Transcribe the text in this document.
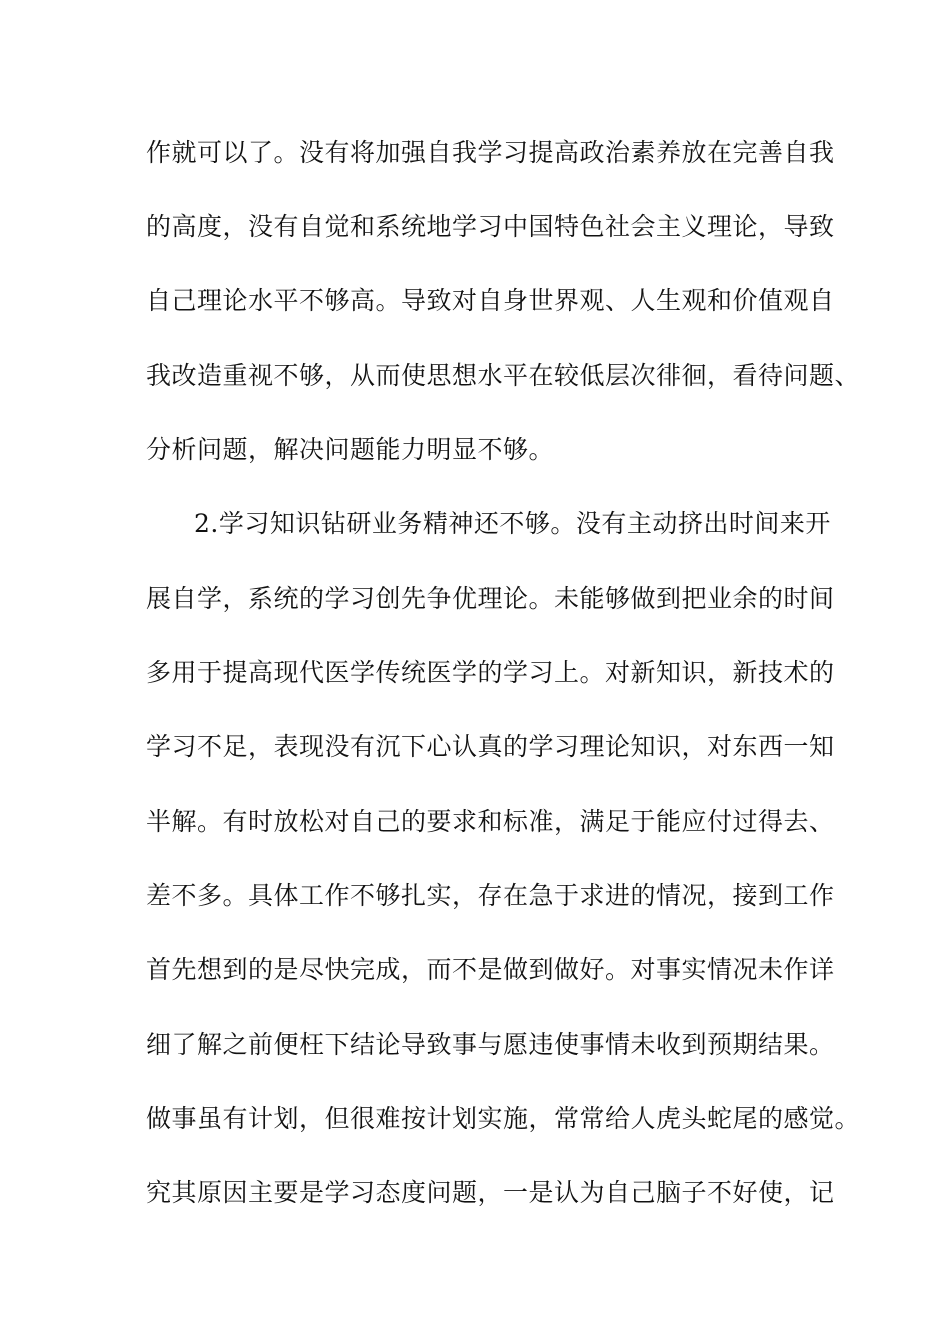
作就可以了。没有将加强自我学习提高政治素养放在完善自我
的高度，没有自觉和系统地学习中国特色社会主义理论，导致
自己理论水平不够高。导致对自身世界观、人生观和价值观自
我改造重视不够，从而使思想水平在较低层次徘徊，看待问题、
分析问题，解决问题能力明显不够。
2.学习知识钻研业务精神还不够。没有主动挤出时间来开
展自学，系统的学习创先争优理论。未能够做到把业余的时间
多用于提高现代医学传统医学的学习上。对新知识，新技术的
学习不足，表现没有沉下心认真的学习理论知识，对东西一知
半解。有时放松对自己的要求和标准，满足于能应付过得去、
差不多。具体工作不够扎实，存在急于求进的情况，接到工作
首先想到的是尽快完成，而不是做到做好。对事实情况未作详
细了解之前便枉下结论导致事与愿违使事情未收到预期结果。
做事虽有计划，但很难按计划实施，常常给人虎头蛇尾的感觉。
究其原因主要是学习态度问题，一是认为自己脑子不好使，记
